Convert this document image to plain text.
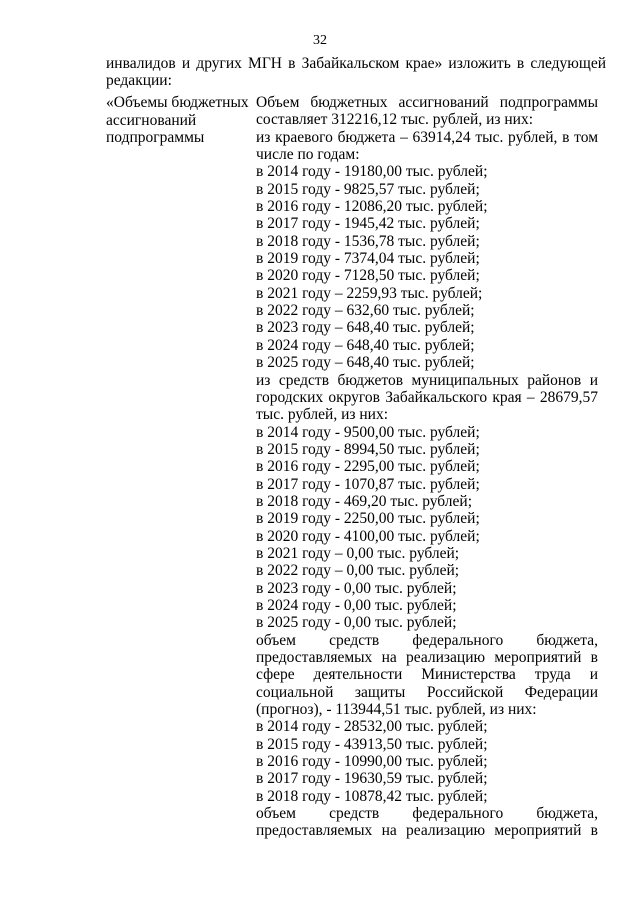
32
инвалидов и других МГН в Забайкальском крае» изложить в следующей
редакции:
«Объемы бюджетных
ассигнований
подпрограммы
Объем бюджетных ассигнований подпрограммы
составляет 312216,12 тыс. рублей, из них:
из краевого бюджета – 63914,24 тыс. рублей, в том
числе по годам:
в 2014 году - 19180,00 тыс. рублей;
в 2015 году - 9825,57 тыс. рублей;
в 2016 году - 12086,20 тыс. рублей;
в 2017 году - 1945,42 тыс. рублей;
в 2018 году - 1536,78 тыс. рублей;
в 2019 году - 7374,04 тыс. рублей;
в 2020 году - 7128,50 тыс. рублей;
в 2021 году – 2259,93 тыс. рублей;
в 2022 году – 632,60 тыс. рублей;
в 2023 году – 648,40 тыс. рублей;
в 2024 году – 648,40 тыс. рублей;
в 2025 году – 648,40 тыс. рублей;
из средств бюджетов муниципальных районов и
городских округов Забайкальского края – 28679,57
тыс. рублей, из них:
в 2014 году - 9500,00 тыс. рублей;
в 2015 году - 8994,50 тыс. рублей;
в 2016 году - 2295,00 тыс. рублей;
в 2017 году - 1070,87 тыс. рублей;
в 2018 году - 469,20 тыс. рублей;
в 2019 году - 2250,00 тыс. рублей;
в 2020 году - 4100,00 тыс. рублей;
в 2021 году – 0,00 тыс. рублей;
в 2022 году – 0,00 тыс. рублей;
в 2023 году - 0,00 тыс. рублей;
в 2024 году - 0,00 тыс. рублей;
в 2025 году - 0,00 тыс. рублей;
объем средств федерального бюджета,
предоставляемых на реализацию мероприятий в
сфере деятельности Министерства труда и
социальной защиты Российской Федерации
(прогноз), - 113944,51 тыс. рублей, из них:
в 2014 году - 28532,00 тыс. рублей;
в 2015 году - 43913,50 тыс. рублей;
в 2016 году - 10990,00 тыс. рублей;
в 2017 году - 19630,59 тыс. рублей;
в 2018 году - 10878,42 тыс. рублей;
объем средств федерального бюджета,
предоставляемых на реализацию мероприятий в
